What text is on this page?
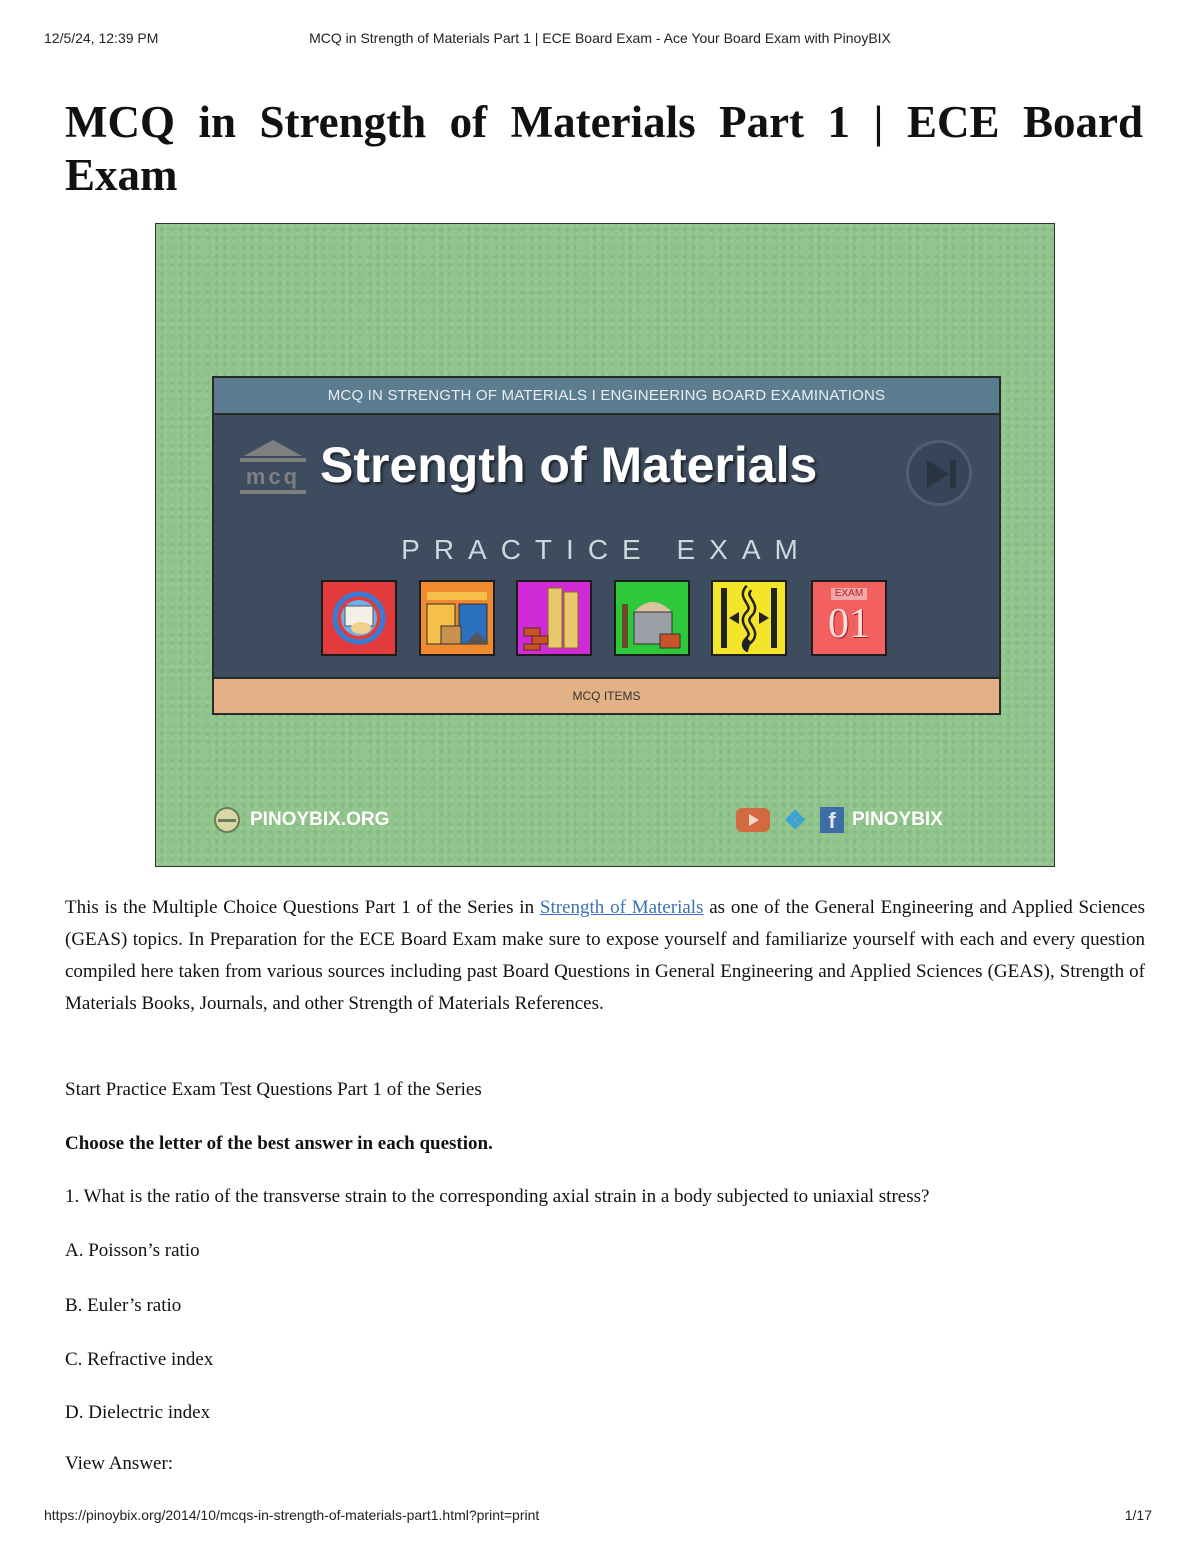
12/5/24, 12:39 PM	MCQ in Strength of Materials Part 1 | ECE Board Exam - Ace Your Board Exam with PinoyBIX
MCQ in Strength of Materials Part 1 | ECE Board Exam
MCQ IN STRENGTH OF MATERIALS I ENGINEERING BOARD EXAMINATIONS
mcq Strength of Materials
PRACTICE EXAM
EXAM
01
MCQ ITEMS
PINOYBIX.ORG	❖ f PINOYBIX

This is the Multiple Choice Questions Part 1 of the Series in Strength of Materials as one of the General Engineering and Applied Sciences (GEAS) topics. In Preparation for the ECE Board Exam make sure to expose yourself and familiarize yourself with each and every question compiled here taken from various sources including past Board Questions in General Engineering and Applied Sciences (GEAS), Strength of Materials Books, Journals, and other Strength of Materials References.

Start Practice Exam Test Questions Part 1 of the Series

Choose the letter of the best answer in each question.

1. What is the ratio of the transverse strain to the corresponding axial strain in a body subjected to uniaxial stress?

A. Poisson’s ratio

B. Euler’s ratio

C. Refractive index

D. Dielectric index

View Answer:

https://pinoybix.org/2014/10/mcqs-in-strength-of-materials-part1.html?print=print	1/17
